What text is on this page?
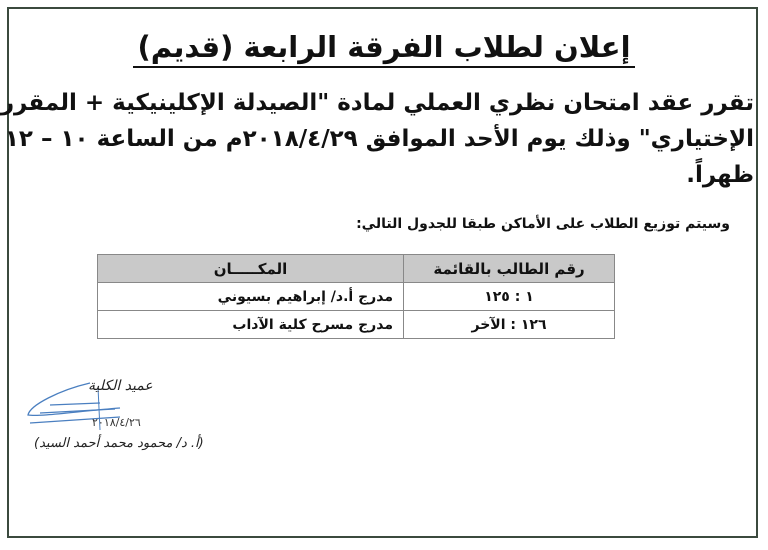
إعلان لطلاب الفرقة الرابعة (قديم)
تقرر عقد امتحان نظري العملي لمادة "الصيدلة الإكلينيكية + المقرر
الإختياري" وذلك يوم الأحد الموافق ٢٠١٨/٤/٢٩م من الساعة ١٠ – ١٢
ظهراً.
وسيتم توزيع الطلاب على الأماكن طبقا للجدول التالي:
رقم الطالب بالقائمة	المكـــــان
١ : ١٢٥	مدرج أ.د/ إبراهيم بسيوني
١٢٦ : الآخر	مدرج مسرح كلية الآداب
عميد الكلية
٢٠١٨/٤/٢٦
(أ. د/ محمود محمد أحمد السيد)
